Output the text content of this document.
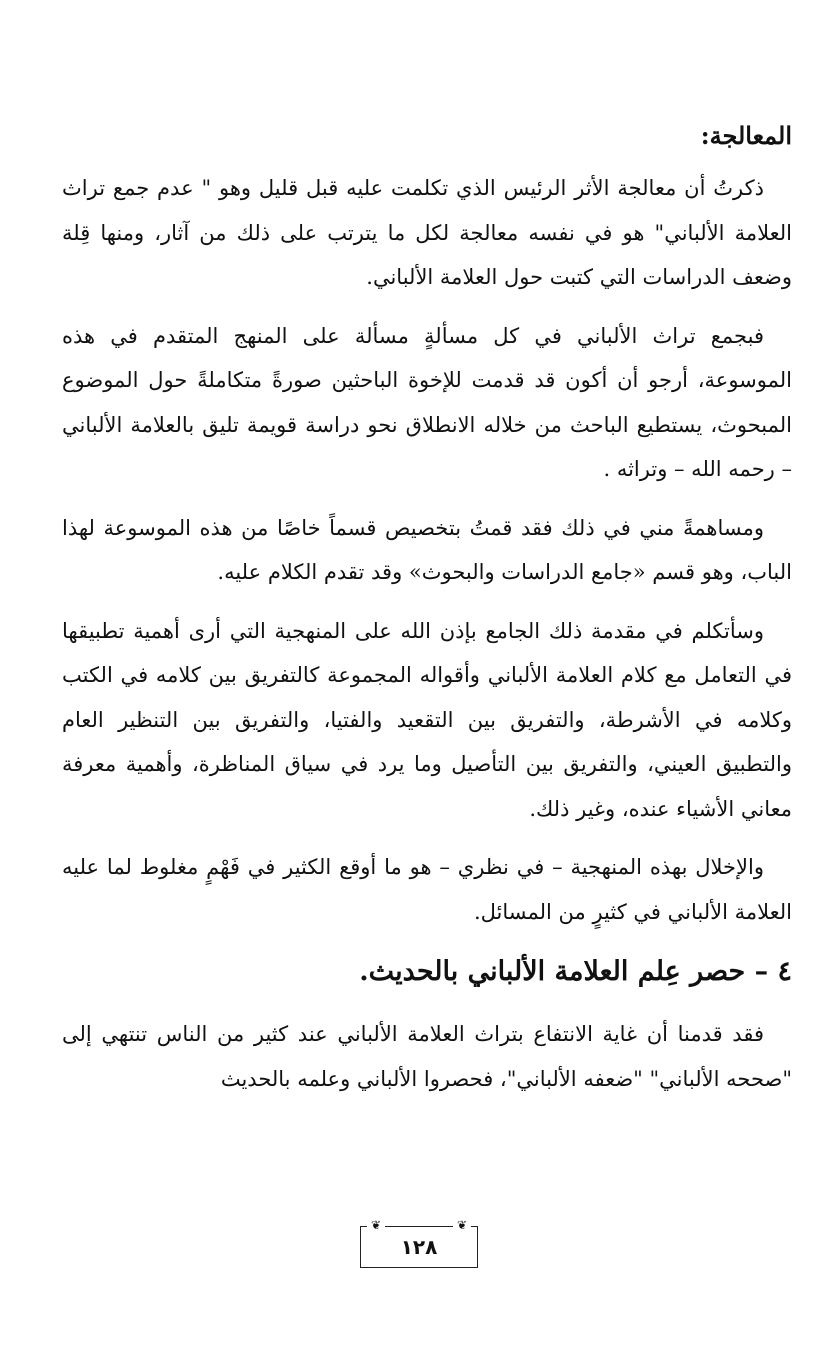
المعالجة:

ذكرتُ أن معالجة الأثر الرئيس الذي تكلمت عليه قبل قليل وهو " عدم جمع تراث العلامة الألباني" هو في نفسه معالجة لكل ما يترتب على ذلك من آثار، ومنها قِلة وضعف الدراسات التي كتبت حول العلامة الألباني.

فبجمع تراث الألباني في كل مسألةٍ مسألة على المنهج المتقدم في هذه الموسوعة، أرجو أن أكون قد قدمت للإخوة الباحثين صورةً متكاملةً حول الموضوع المبحوث، يستطيع الباحث من خلاله الانطلاق نحو دراسة قويمة تليق بالعلامة الألباني – رحمه الله – وتراثه .

ومساهمةً مني في ذلك فقد قمتُ بتخصيص قسماً خاصًا من هذه الموسوعة لهذا الباب، وهو قسم «جامع الدراسات والبحوث» وقد تقدم الكلام عليه.

وسأتكلم في مقدمة ذلك الجامع بإذن الله على المنهجية التي أرى أهمية تطبيقها في التعامل مع كلام العلامة الألباني وأقواله المجموعة كالتفريق بين كلامه في الكتب وكلامه في الأشرطة، والتفريق بين التقعيد والفتيا، والتفريق بين التنظير العام والتطبيق العيني، والتفريق بين التأصيل وما يرد في سياق المناظرة، وأهمية معرفة معاني الأشياء عنده، وغير ذلك.

والإخلال بهذه المنهجية – في نظري – هو ما أوقع الكثير في فَهْمٍ مغلوط لما عليه العلامة الألباني في كثيرٍ من المسائل.

٤ – حصر عِلم العلامة الألباني بالحديث.

فقد قدمنا أن غاية الانتفاع بتراث العلامة الألباني عند كثير من الناس تنتهي إلى "صححه الألباني" "ضعفه الألباني"، فحصروا الألباني وعلمه بالحديث

❦
١٢٨
❦
